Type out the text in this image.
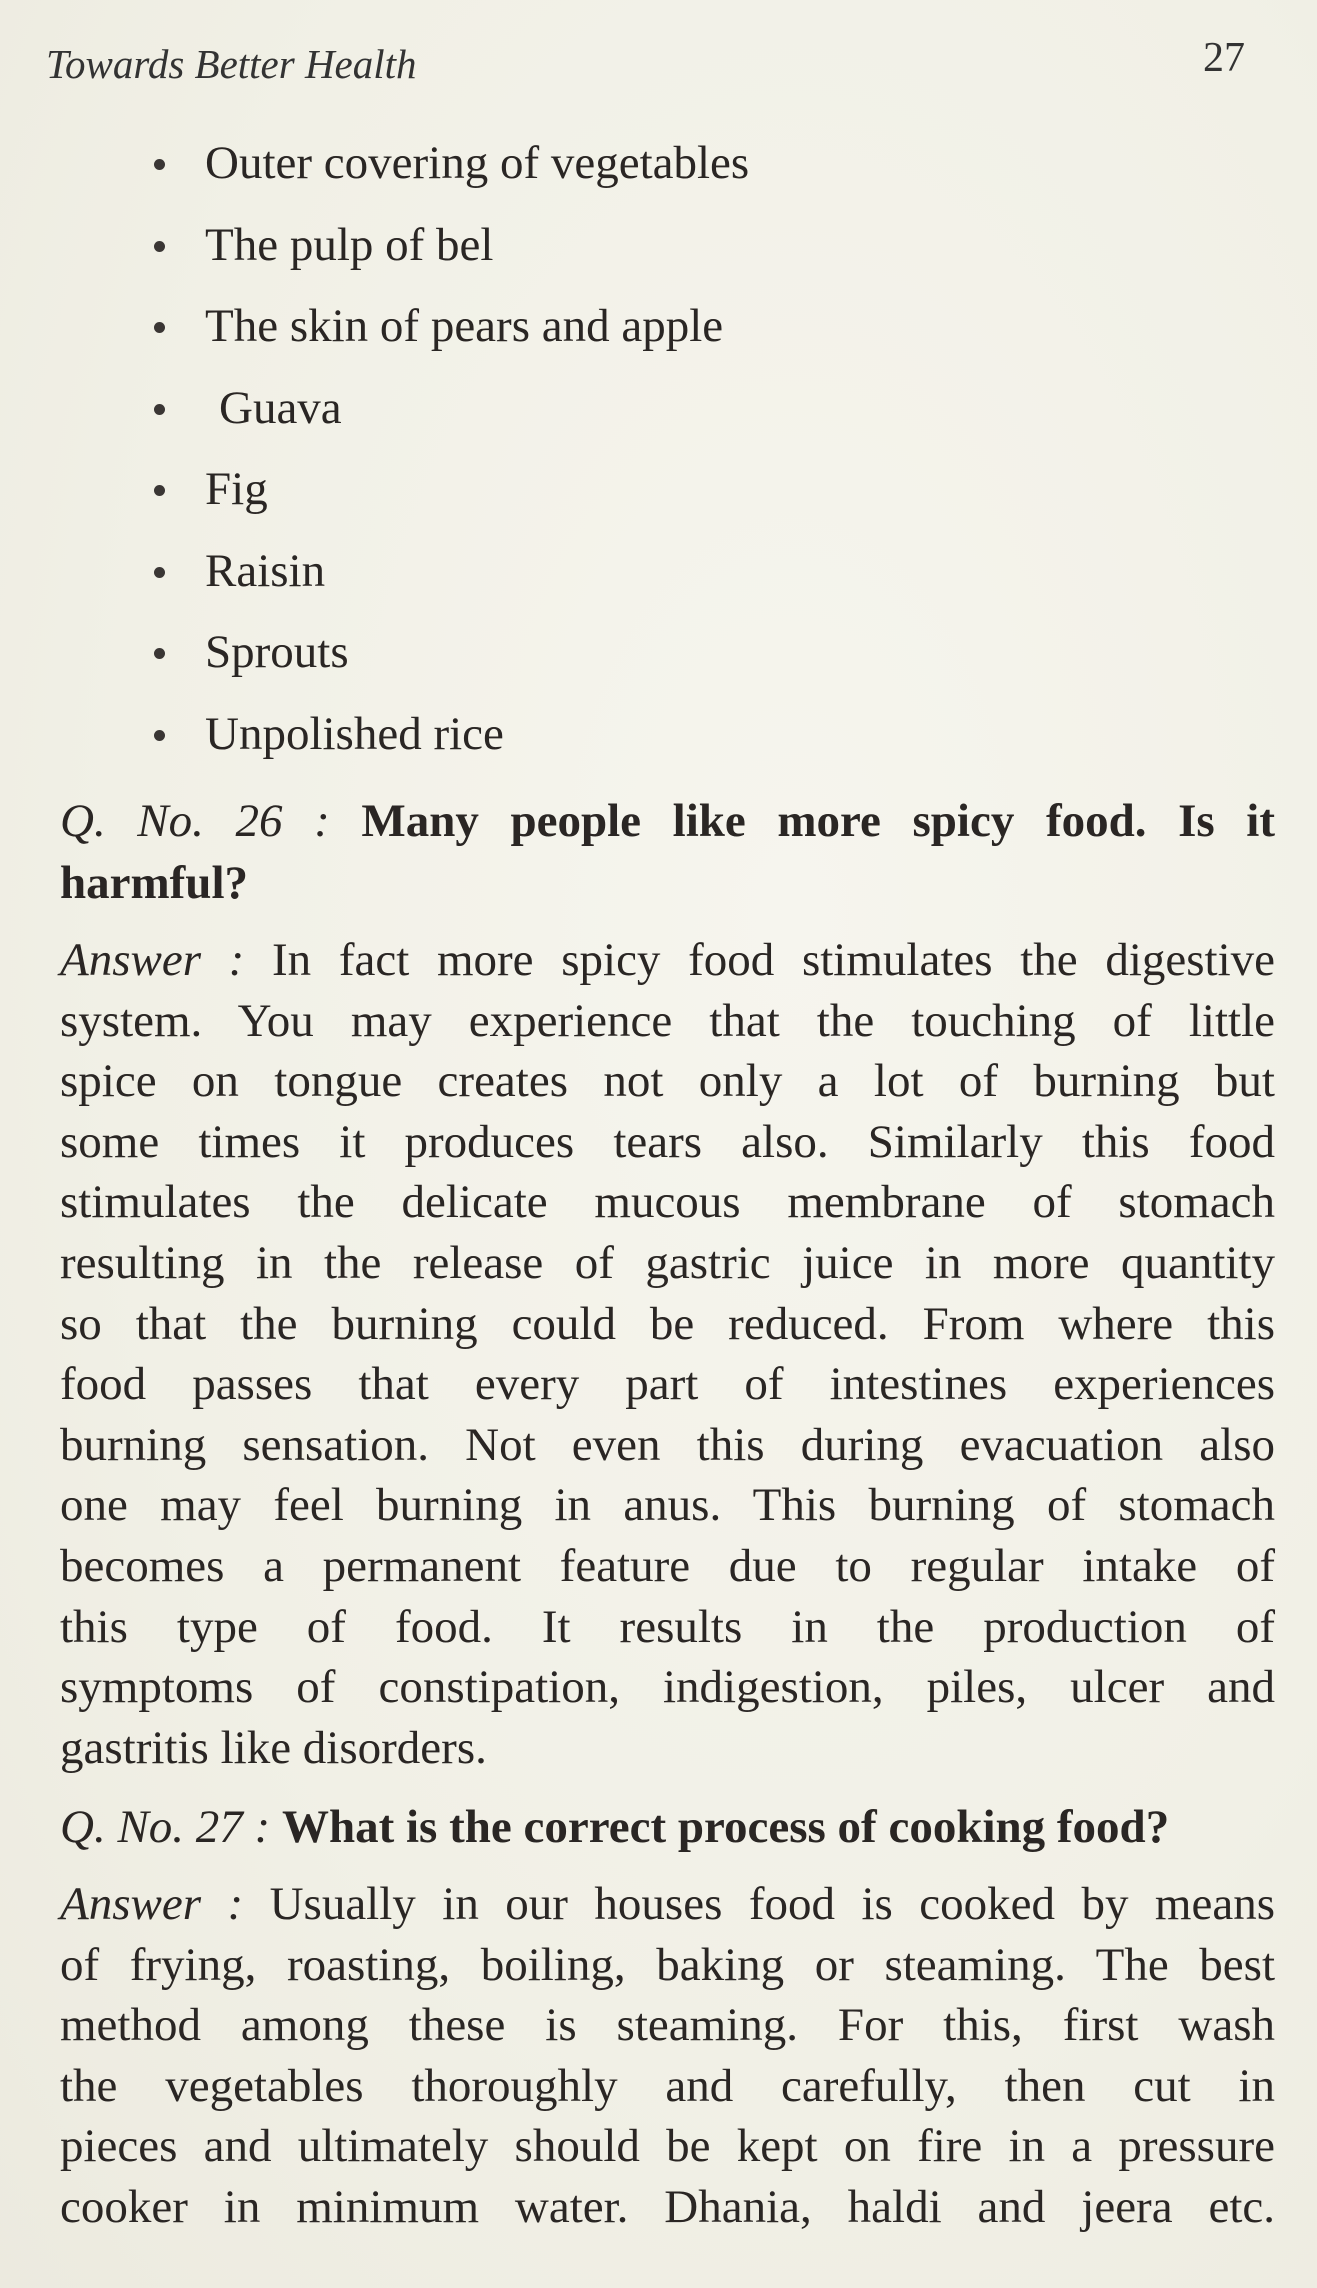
Towards Better Health	27
Outer covering of vegetables
The pulp of bel
The skin of pears and apple
Guava
Fig
Raisin
Sprouts
Unpolished rice
Q. No. 26 : Many people like more spicy food. Is it
harmful?
Answer : In fact more spicy food stimulates the digestive
system. You may experience that the touching of little
spice on tongue creates not only a lot of burning but
some times it produces tears also. Similarly this food
stimulates the delicate mucous membrane of stomach
resulting in the release of gastric juice in more quantity
so that the burning could be reduced. From where this
food passes that every part of intestines experiences
burning sensation. Not even this during evacuation also
one may feel burning in anus. This burning of stomach
becomes a permanent feature due to regular intake of
this type of food. It results in the production of
symptoms of constipation, indigestion, piles, ulcer and
gastritis like disorders.
Q. No. 27 : What is the correct process of cooking food?
Answer : Usually in our houses food is cooked by means
of frying, roasting, boiling, baking or steaming. The best
method among these is steaming. For this, first wash
the vegetables thoroughly and carefully, then cut in
pieces and ultimately should be kept on fire in a pressure
cooker in minimum water. Dhania, haldi and jeera etc.
